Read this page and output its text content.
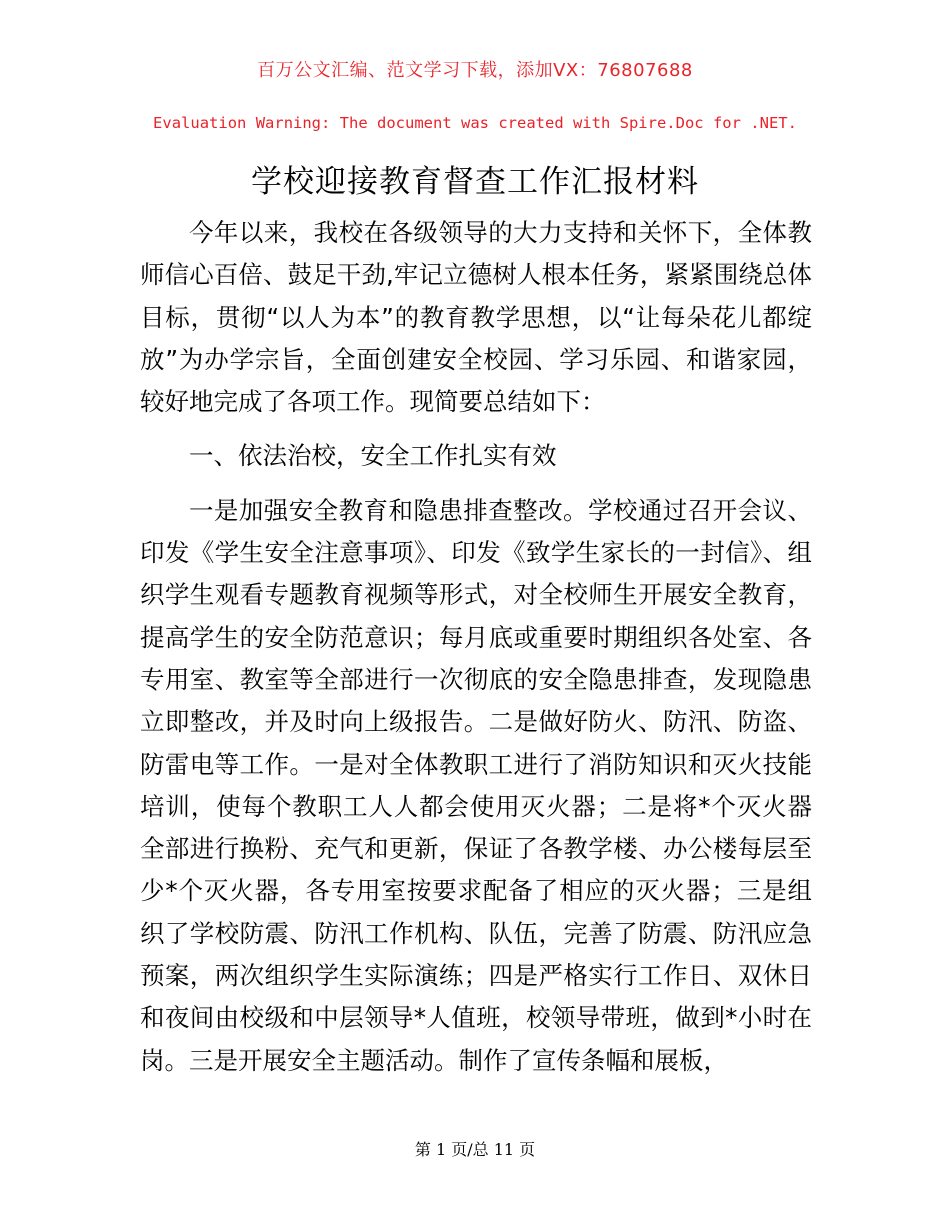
百万公文汇编、范文学习下载，添加VX：76807688
Evaluation Warning: The document was created with Spire.Doc for .NET.
学校迎接教育督查工作汇报材料

今年以来，我校在各级领导的大力支持和关怀下，全体教师信心百倍、鼓足干劲,牢记立德树人根本任务，紧紧围绕总体目标，贯彻“以人为本”的教育教学思想，以“让每朵花儿都绽放”为办学宗旨，全面创建安全校园、学习乐园、和谐家园，较好地完成了各项工作。现简要总结如下：

一、依法治校，安全工作扎实有效

一是加强安全教育和隐患排查整改。学校通过召开会议、印发《学生安全注意事项》、印发《致学生家长的一封信》、组织学生观看专题教育视频等形式，对全校师生开展安全教育，提高学生的安全防范意识；每月底或重要时期组织各处室、各专用室、教室等全部进行一次彻底的安全隐患排查，发现隐患立即整改，并及时向上级报告。二是做好防火、防汛、防盗、防雷电等工作。一是对全体教职工进行了消防知识和灭火技能培训，使每个教职工人人都会使用灭火器；二是将*个灭火器全部进行换粉、充气和更新，保证了各教学楼、办公楼每层至少*个灭火器，各专用室按要求配备了相应的灭火器；三是组织了学校防震、防汛工作机构、队伍，完善了防震、防汛应急预案，两次组织学生实际演练；四是严格实行工作日、双休日和夜间由校级和中层领导*人值班，校领导带班，做到*小时在岗。三是开展安全主题活动。制作了宣传条幅和展板，

第 1 页/总 11 页
